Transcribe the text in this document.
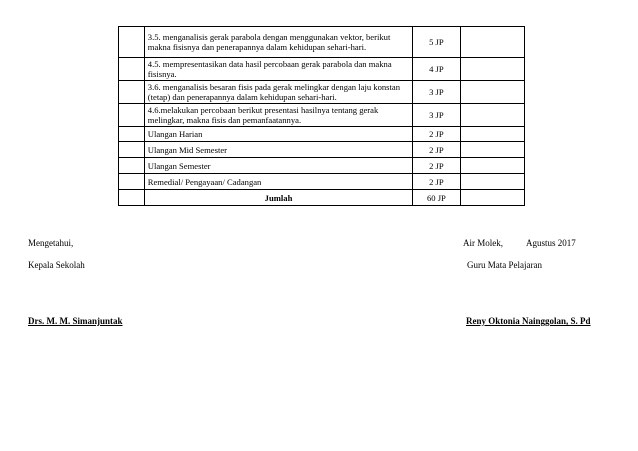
	3.5. menganalisis gerak parabola dengan menggunakan vektor, berikut makna fisisnya dan penerapannya dalam kehidupan sehari-hari.	5 JP	
	4.5. mempresentasikan data hasil percobaan gerak parabola dan makna fisisnya.	4 JP	
	3.6. menganalisis besaran fisis pada gerak melingkar dengan laju konstan (tetap) dan penerapannya dalam kehidupan sehari-hari.	3 JP	
	4.6.melakukan percobaan berikut presentasi hasilnya tentang gerak melingkar, makna fisis dan pemanfaatannya.	3 JP	
	Ulangan Harian	2 JP	
	Ulangan Mid Semester	2 JP	
	Ulangan Semester	2 JP	
	Remedial/ Pengayaan/ Cadangan	2 JP	
	Jumlah	60 JP	
Mengetahui,
Kepala Sekolah
Drs. M. M. Simanjuntak
Air Molek,	Agustus 2017
Guru Mata Pelajaran
Reny Oktonia Nainggolan, S. Pd
